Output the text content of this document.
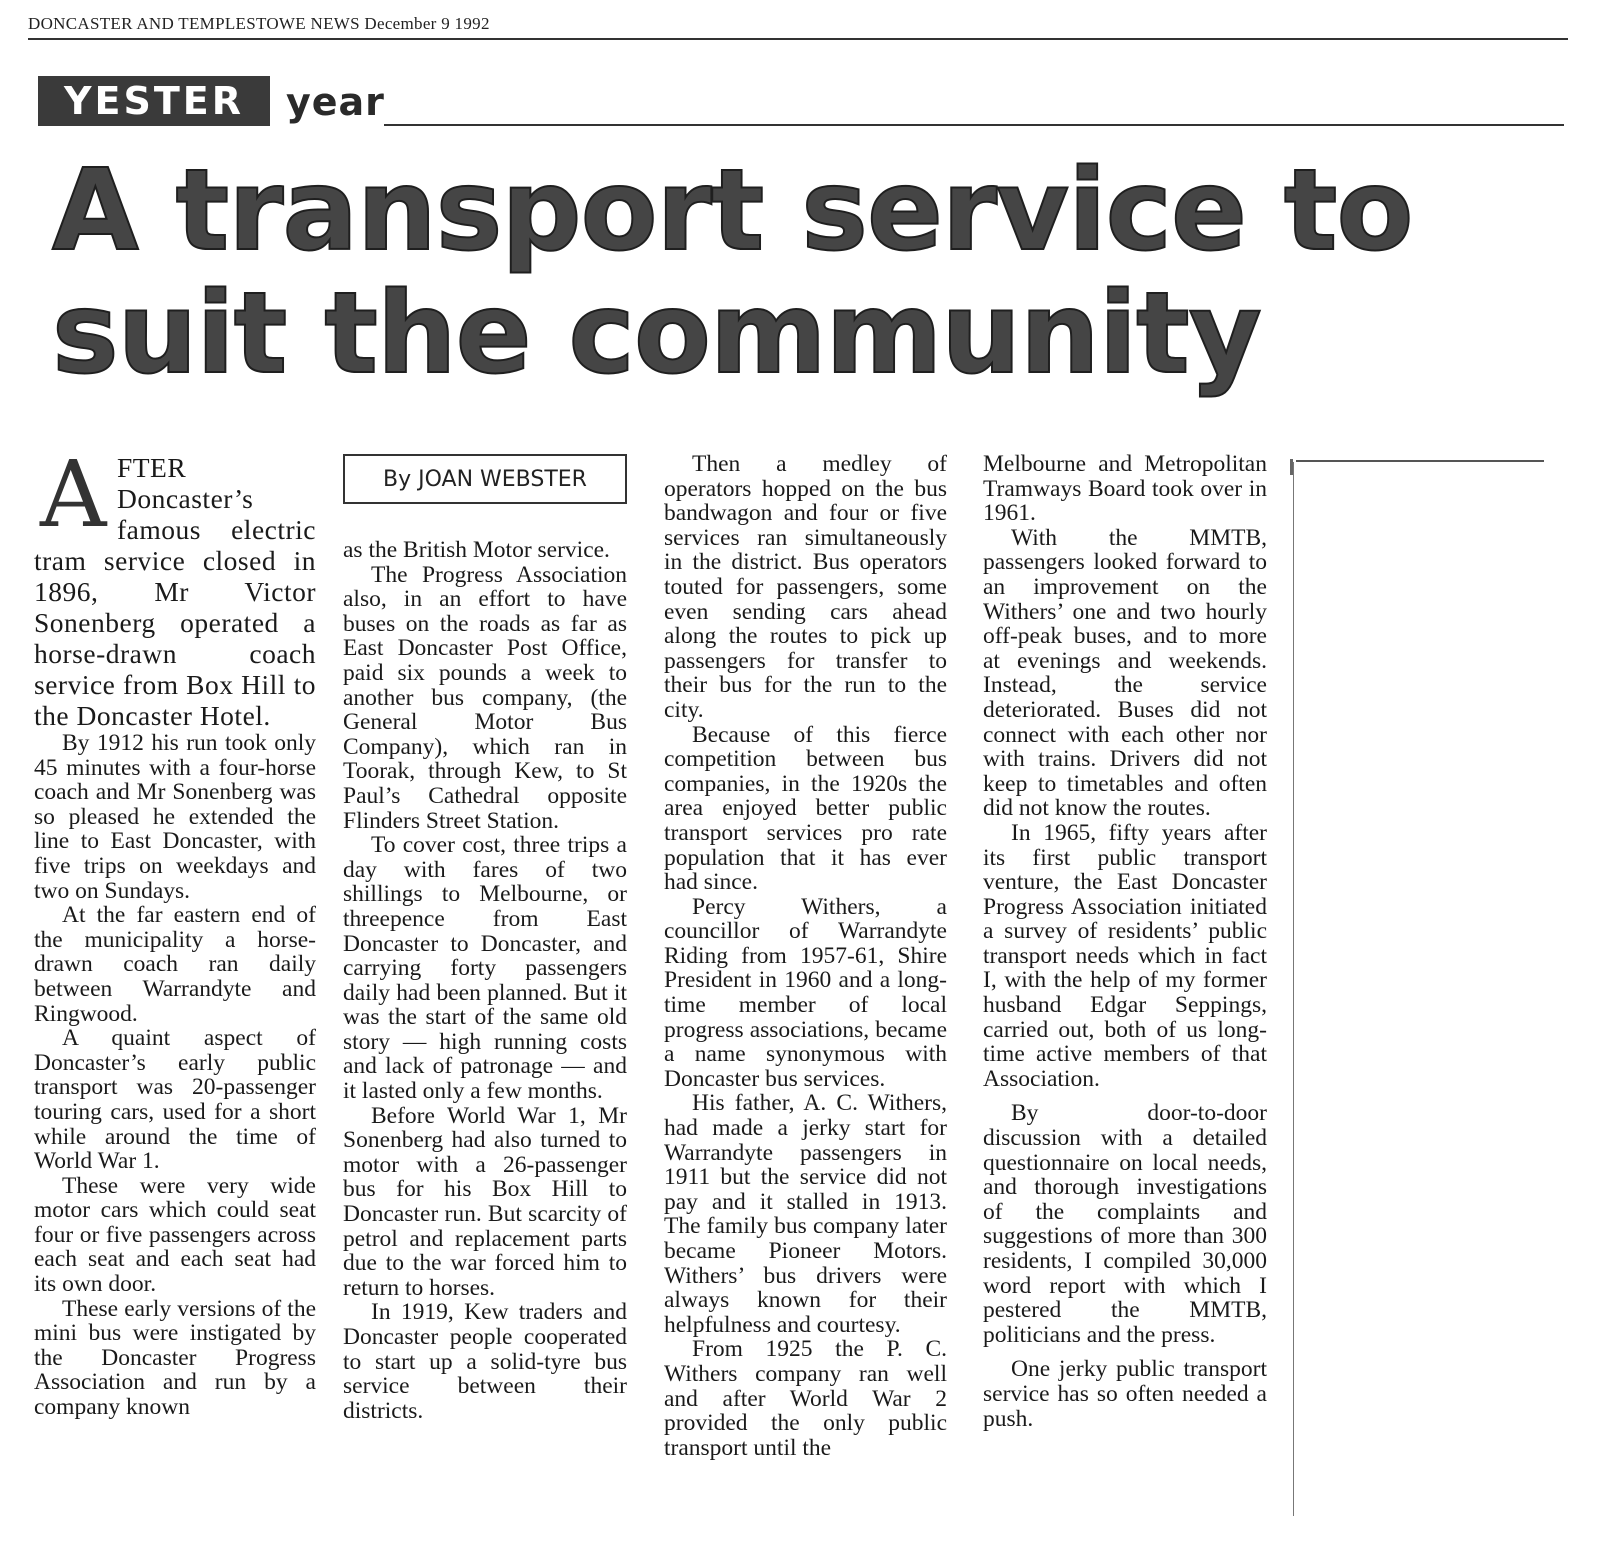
DONCASTER AND TEMPLESTOWE NEWS December 9 1992
YESTER year
A transport service to
suit the community

AFTER Doncaster’s famous electric tram service closed in 1896, Mr Victor Sonenberg operated a horse-drawn coach service from Box Hill to the Doncaster Hotel.

By 1912 his run took only 45 minutes with a four-horse coach and Mr Sonenberg was so pleased he extended the line to East Doncaster, with five trips on weekdays and two on Sundays.

At the far eastern end of the municipality a horse-drawn coach ran daily between Warrandyte and Ringwood.

A quaint aspect of Doncaster’s early public transport was 20-passenger touring cars, used for a short while around the time of World War 1.

These were very wide motor cars which could seat four or five passengers across each seat and each seat had its own door.

These early versions of the mini bus were instigated by the Doncaster Progress Association and run by a company known

By JOAN WEBSTER

as the British Motor service.

The Progress Association also, in an effort to have buses on the roads as far as East Doncaster Post Office, paid six pounds a week to another bus company, (the General Motor Bus Company), which ran in Toorak, through Kew, to St Paul’s Cathedral opposite Flinders Street Station.

To cover cost, three trips a day with fares of two shillings to Melbourne, or threepence from East Doncaster to Doncaster, and carrying forty passengers daily had been planned. But it was the start of the same old story — high running costs and lack of patronage — and it lasted only a few months.

Before World War 1, Mr Sonenberg had also turned to motor with a 26-passenger bus for his Box Hill to Doncaster run. But scarcity of petrol and replacement parts due to the war forced him to return to horses.

In 1919, Kew traders and Doncaster people cooperated to start up a solid-tyre bus service between their districts.

Then a medley of operators hopped on the bus bandwagon and four or five services ran simultaneously in the district. Bus operators touted for passengers, some even sending cars ahead along the routes to pick up passengers for transfer to their bus for the run to the city.

Because of this fierce competition between bus companies, in the 1920s the area enjoyed better public transport services pro rate population that it has ever had since.

Percy Withers, a councillor of Warrandyte Riding from 1957-61, Shire President in 1960 and a long-time member of local progress associations, became a name synonymous with Doncaster bus services.

His father, A. C. Withers, had made a jerky start for Warrandyte passengers in 1911 but the service did not pay and it stalled in 1913. The family bus company later became Pioneer Motors. Withers’ bus drivers were always known for their helpfulness and courtesy.

From 1925 the P. C. Withers company ran well and after World War 2 provided the only public transport until the

Melbourne and Metropolitan Tramways Board took over in 1961.

With the MMTB, passengers looked forward to an improvement on the Withers’ one and two hourly off-peak buses, and to more at evenings and weekends. Instead, the service deteriorated. Buses did not connect with each other nor with trains. Drivers did not keep to timetables and often did not know the routes.

In 1965, fifty years after its first public transport venture, the East Doncaster Progress Association initiated a survey of residents’ public transport needs which in fact I, with the help of my former husband Edgar Seppings, carried out, both of us long-time active members of that Association.

By door-to-door discussion with a detailed questionnaire on local needs, and thorough investigations of the complaints and suggestions of more than 300 residents, I compiled 30,000 word report with which I pestered the MMTB, politicians and the press.

One jerky public transport service has so often needed a push.
